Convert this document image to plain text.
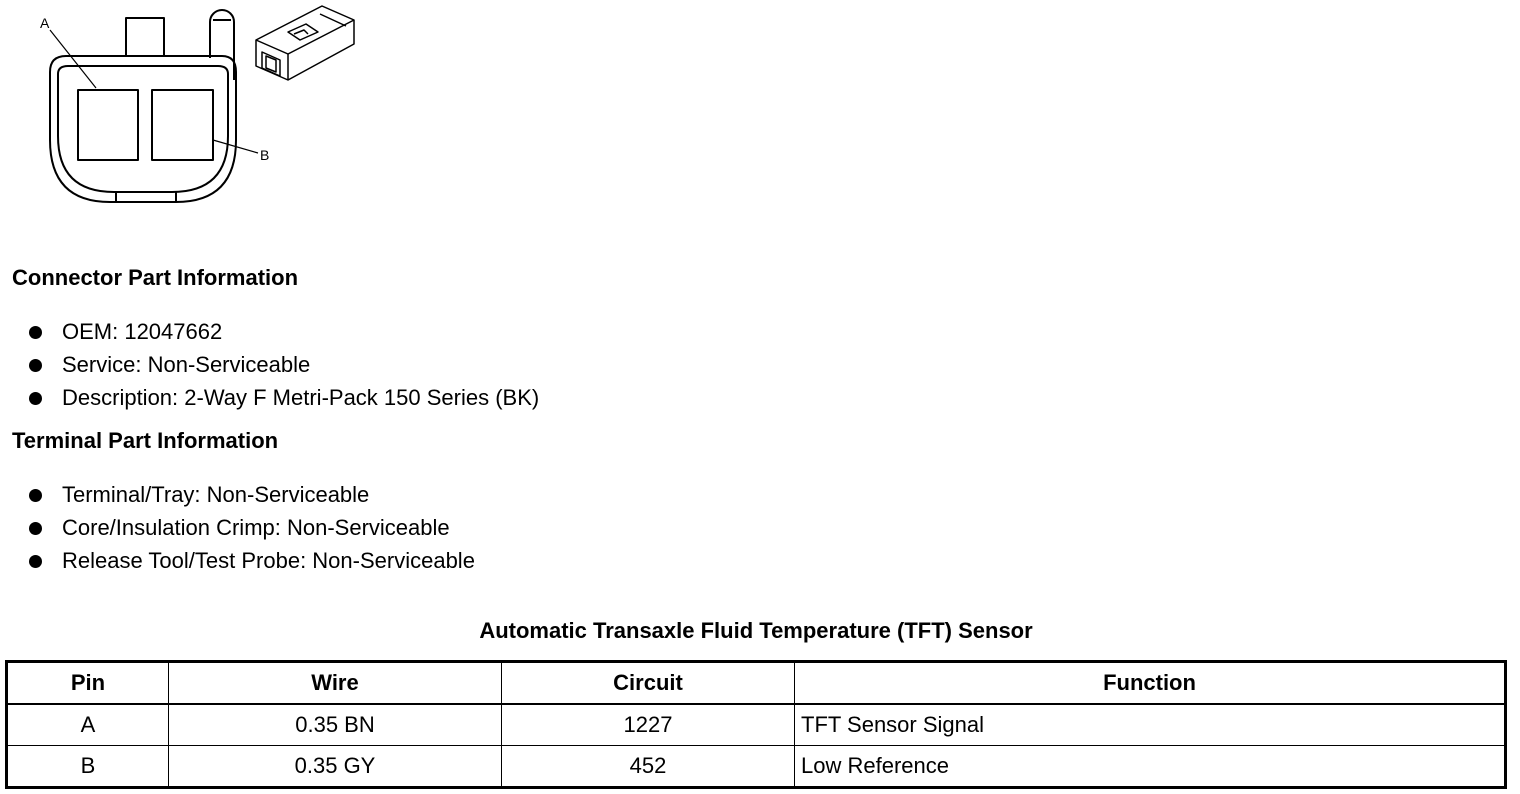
A
B
Connector Part Information
OEM: 12047662
Service: Non-Serviceable
Description: 2-Way F Metri-Pack 150 Series (BK)
Terminal Part Information
Terminal/Tray: Non-Serviceable
Core/Insulation Crimp: Non-Serviceable
Release Tool/Test Probe: Non-Serviceable
Automatic Transaxle Fluid Temperature (TFT) Sensor
Pin	Wire	Circuit	Function
A	0.35 BN	1227	TFT Sensor Signal
B	0.35 GY	452	Low Reference
